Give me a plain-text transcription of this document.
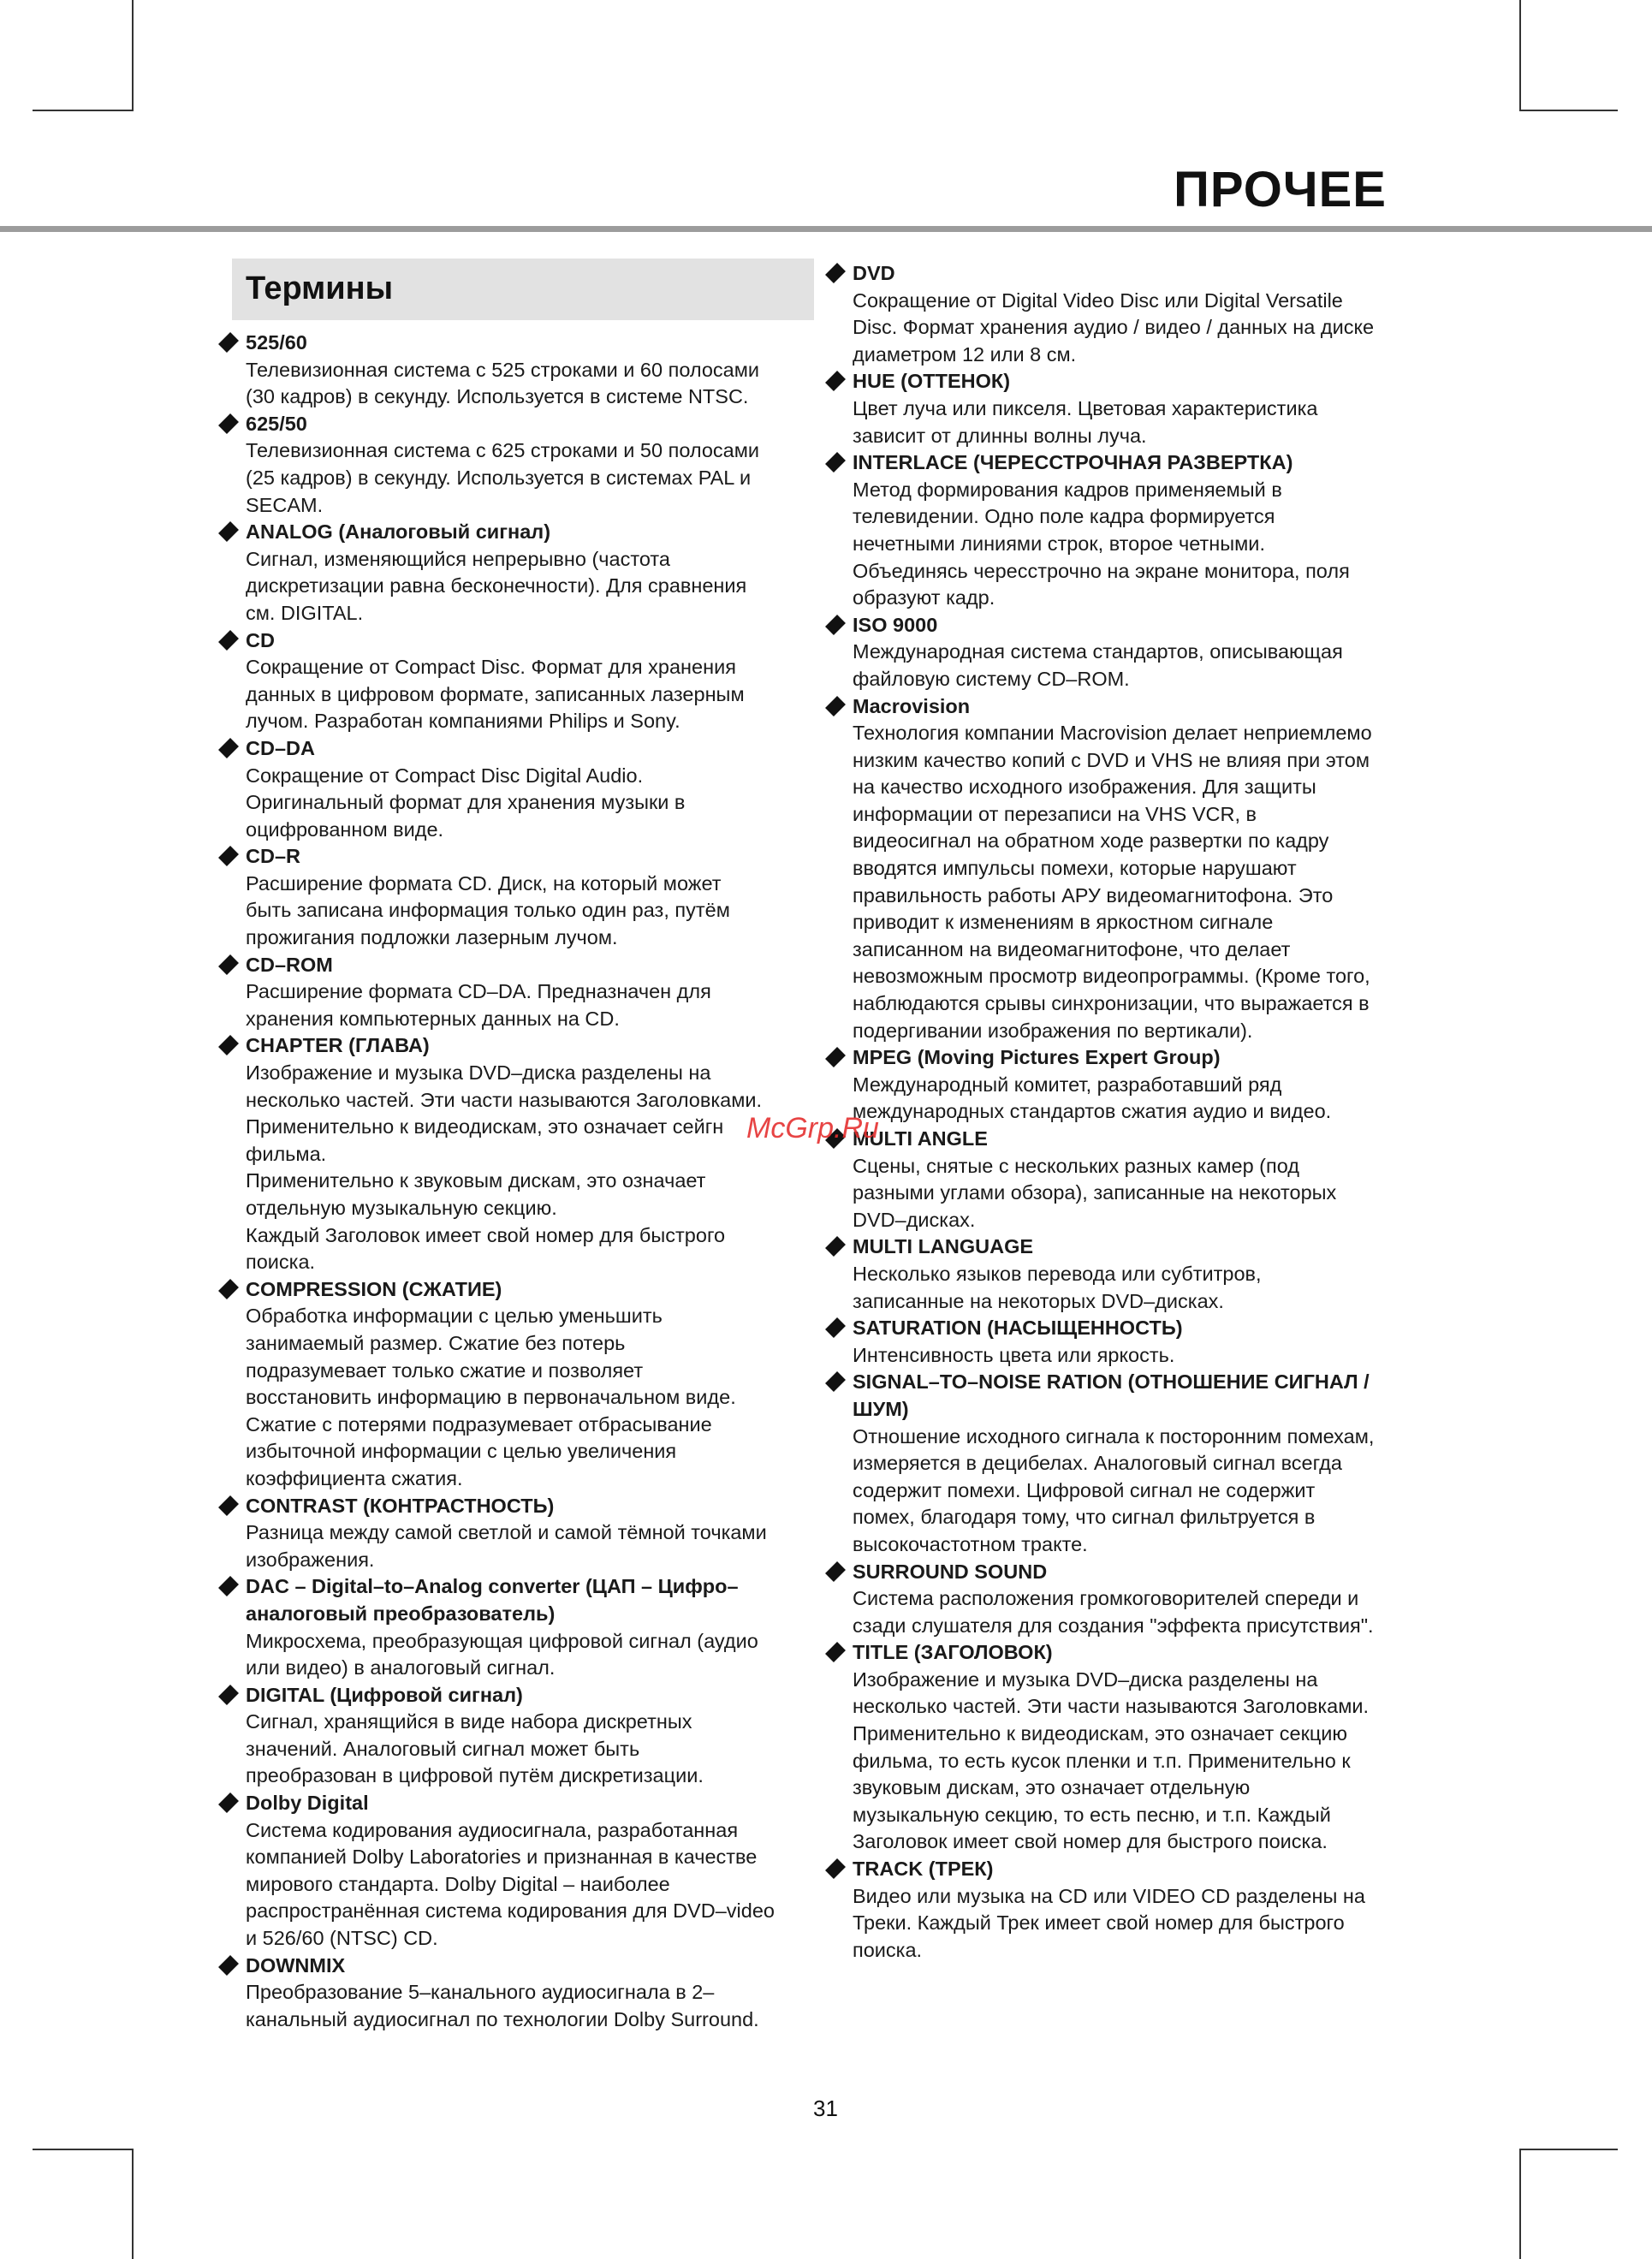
ПРОЧЕЕ
Термины
525/60
Телевизионная система с 525 строками и 60 полосами
(30 кадров) в секунду. Используется в системе NTSC.
625/50
Телевизионная система с 625 строками и 50 полосами
(25 кадров) в секунду. Используется в системах PAL и
SECAM.
ANALOG (Аналоговый сигнал)
Сигнал, изменяющийся непрерывно (частота
дискретизации равна бесконечности). Для сравнения
см. DIGITAL.
CD
Сокращение от Compact Disc. Формат для хранения
данных в цифровом формате, записанных лазерным
лучом. Разработан компаниями Philips и Sony.
CD–DA
Сокращение от Compact Disc Digital Audio.
Оригинальный формат для хранения музыки в
оцифрованном виде.
CD–R
Расширение формата CD. Диск, на который может
быть записана информация только один раз, путём
прожигания подложки лазерным лучом.
CD–ROM
Расширение формата CD–DA. Предназначен для
хранения компьютерных данных на CD.
CHAPTER (ГЛАВА)
Изображение и музыка DVD–диска разделены на
несколько частей. Эти части называются Заголовками.
Применительно к видеодискам, это означает сейгн
фильма.
Применительно к звуковым дискам, это означает
отдельную музыкальную секцию.
Каждый Заголовок имеет свой номер для быстрого
поиска.
COMPRESSION (СЖАТИЕ)
Обработка информации с целью уменьшить
занимаемый размер. Сжатие без потерь
подразумевает только сжатие и позволяет
восстановить информацию в первоначальном виде.
Сжатие с потерями подразумевает отбрасывание
избыточной информации с целью увеличения
коэффициента сжатия.
CONTRAST (КОНТРАСТНОСТЬ)
Разница между самой светлой и самой тёмной точками
изображения.
DAC – Digital–to–Analog converter (ЦАП – Цифро–
аналоговый преобразователь)
Микросхема, преобразующая цифровой сигнал (аудио
или видео) в аналоговый сигнал.
DIGITAL (Цифровой сигнал)
Сигнал, хранящийся в виде набора дискретных
значений. Аналоговый сигнал может быть
преобразован в цифровой путём дискретизации.
Dolby Digital
Система кодирования аудиосигнала, разработанная
компанией Dolby Laboratories и признанная в качестве
мирового стандарта. Dolby Digital – наиболее
распространённая система кодирования для DVD–video
и 526/60 (NTSC) CD.
DOWNMIX
Преобразование 5–канального аудиосигнала в 2–
канальный аудиосигнал по технологии Dolby Surround.
DVD
Сокращение от Digital Video Disc или Digital Versatile
Disc. Формат хранения аудио / видео / данных на диске
диаметром 12 или 8 см.
HUE (ОТТЕНОК)
Цвет луча или пикселя. Цветовая характеристика
зависит от длинны волны луча.
INTERLACE (ЧЕРЕССТРОЧНАЯ РАЗВЕРТКА)
Метод формирования кадров применяемый в
телевидении. Одно поле кадра формируется
нечетными линиями строк, второе четными.
Объединясь чересстрочно на экране монитора, поля
образуют кадр.
ISO 9000
Международная система стандартов, описывающая
файловую систему CD–ROM.
Macrovision
Технология компании Macrovision делает неприемлемо
низким качество копий с DVD и VHS не влияя при этом
на качество исходного изображения. Для защиты
информации от перезаписи на VHS VCR, в
видеосигнал на обратном ходе развертки по кадру
вводятся импульсы помехи, которые нарушают
правильность работы АРУ видеомагнитофона. Это
приводит к изменениям в яркостном сигнале
записанном на видеомагнитофоне, что делает
невозможным просмотр видеопрограммы. (Кроме того,
наблюдаются срывы синхронизации, что выражается в
подергивании изображения по вертикали).
MPEG (Moving Pictures Expert Group)
Международный комитет, разработавший ряд
международных стандартов сжатия аудио и видео.
MULTI ANGLE
Сцены, снятые с нескольких разных камер (под
разными углами обзора), записанные на некоторых
DVD–дисках.
MULTI LANGUAGE
Несколько языков перевода или субтитров,
записанные на некоторых DVD–дисках.
SATURATION (НАСЫЩЕННОСТЬ)
Интенсивность цвета или яркость.
SIGNAL–TO–NOISE RATION (ОТНОШЕНИЕ СИГНАЛ /
ШУМ)
Отношение исходного сигнала к посторонним помехам,
измеряется в децибелах. Аналоговый сигнал всегда
содержит помехи. Цифровой сигнал не содержит
помех, благодаря тому, что сигнал фильтруется в
высокочастотном тракте.
SURROUND SOUND
Система расположения громкоговорителей спереди и
сзади слушателя для создания "эффекта присутствия".
TITLE (ЗАГОЛОВОК)
Изображение и музыка DVD–диска разделены на
несколько частей. Эти части называются Заголовками.
Применительно к видеодискам, это означает секцию
фильма, то есть кусок пленки и т.п. Применительно к
звуковым дискам, это означает отдельную
музыкальную секцию, то есть песню, и т.п. Каждый
Заголовок имеет свой номер для быстрого поиска.
TRACK (ТРЕК)
Видео или музыка на CD или VIDEO CD разделены на
Треки. Каждый Трек имеет свой номер для быстрого
поиска.
McGrp.Ru
31
